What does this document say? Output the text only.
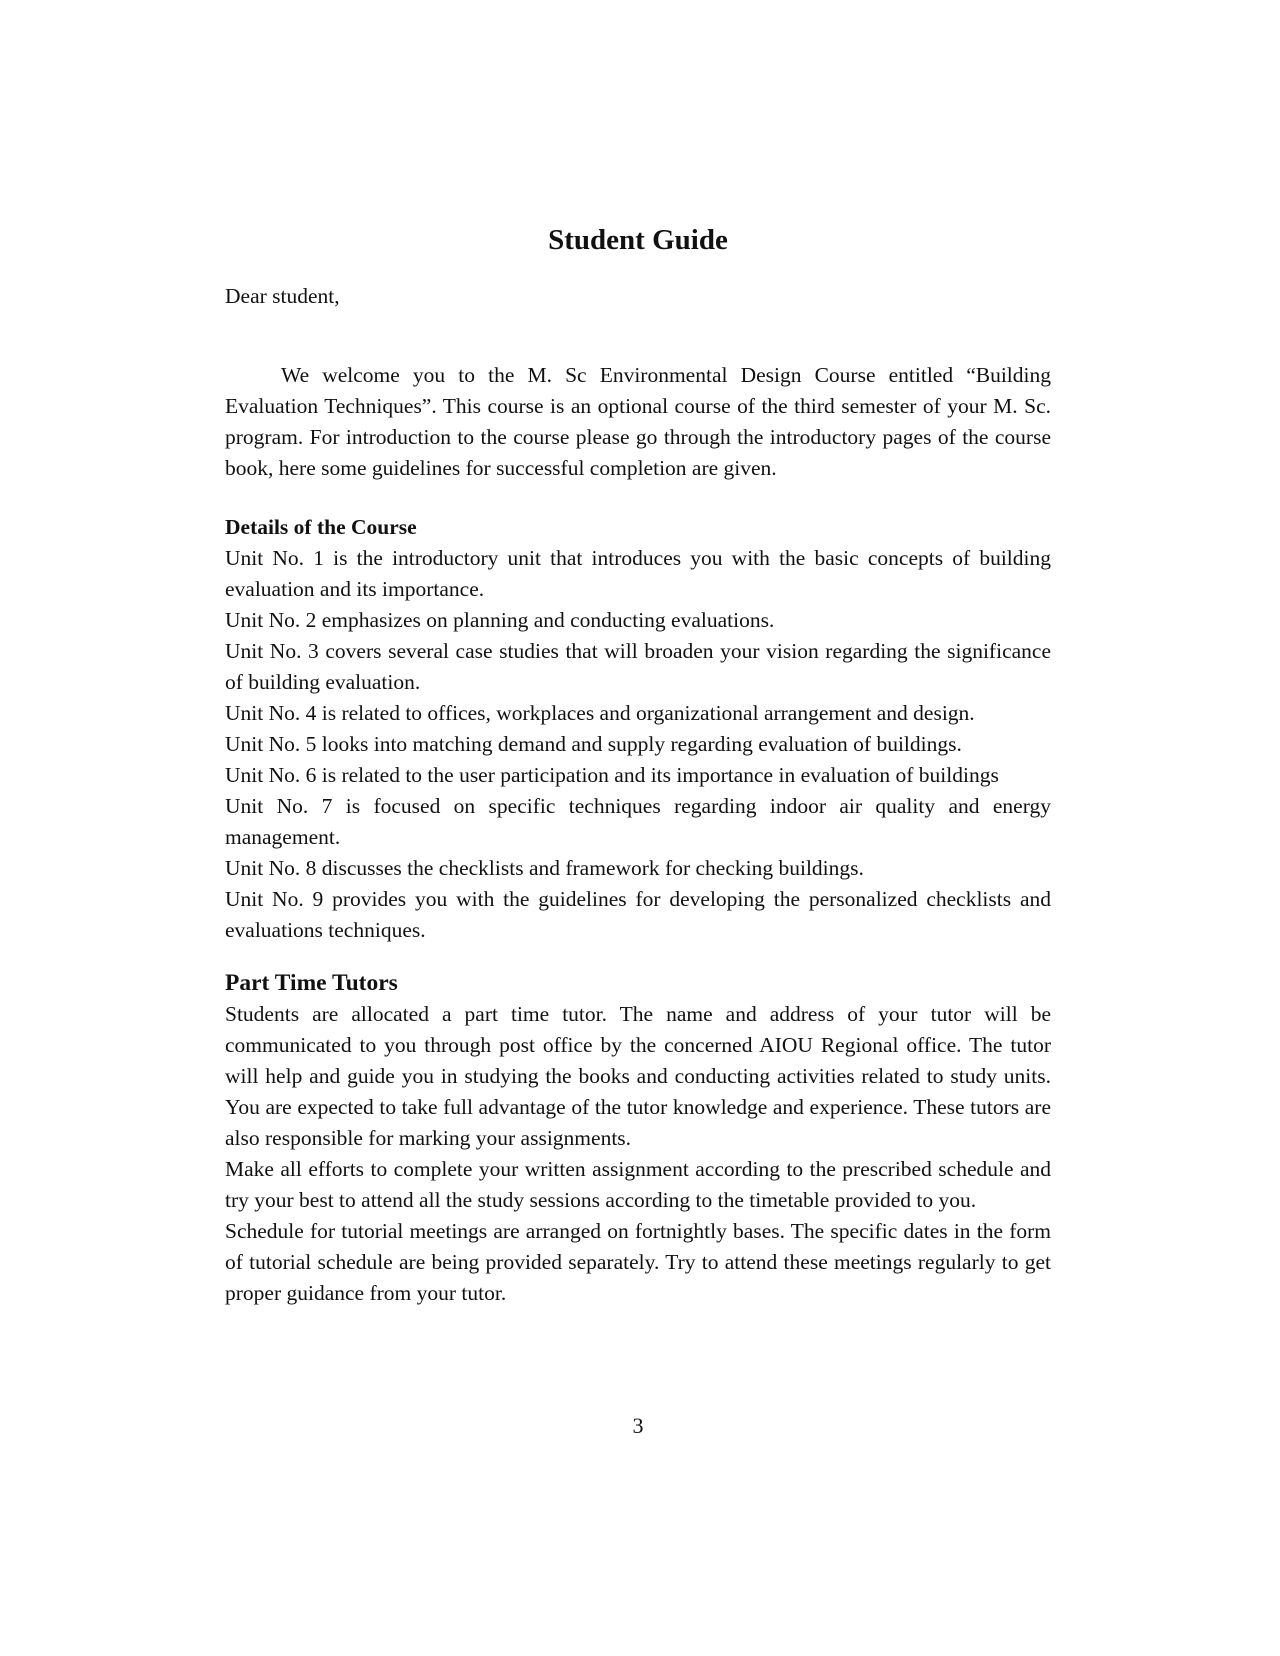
Student Guide

Dear student,

We welcome you to the M. Sc Environmental Design Course entitled “Building Evaluation Techniques”. This course is an optional course of the third semester of your M. Sc. program. For introduction to the course please go through the introductory pages of the course book, here some guidelines for successful completion are given.

Details of the Course
Unit No. 1 is the introductory unit that introduces you with the basic concepts of building evaluation and its importance.
Unit No. 2 emphasizes on planning and conducting evaluations.
Unit No. 3 covers several case studies that will broaden your vision regarding the significance of building evaluation.
Unit No. 4 is related to offices, workplaces and organizational arrangement and design.
Unit No. 5 looks into matching demand and supply regarding evaluation of buildings.
Unit No. 6 is related to the user participation and its importance in evaluation of buildings
Unit No. 7 is focused on specific techniques regarding indoor air quality and energy management.
Unit No. 8 discusses the checklists and framework for checking buildings.
Unit No. 9 provides you with the guidelines for developing the personalized checklists and evaluations techniques.
Part Time Tutors

Students are allocated a part time tutor. The name and address of your tutor will be communicated to you through post office by the concerned AIOU Regional office. The tutor will help and guide you in studying the books and conducting activities related to study units. You are expected to take full advantage of the tutor knowledge and experience. These tutors are also responsible for marking your assignments.

Make all efforts to complete your written assignment according to the prescribed schedule and try your best to attend all the study sessions according to the timetable provided to you.

Schedule for tutorial meetings are arranged on fortnightly bases. The specific dates in the form of tutorial schedule are being provided separately. Try to attend these meetings regularly to get proper guidance from your tutor.

3
